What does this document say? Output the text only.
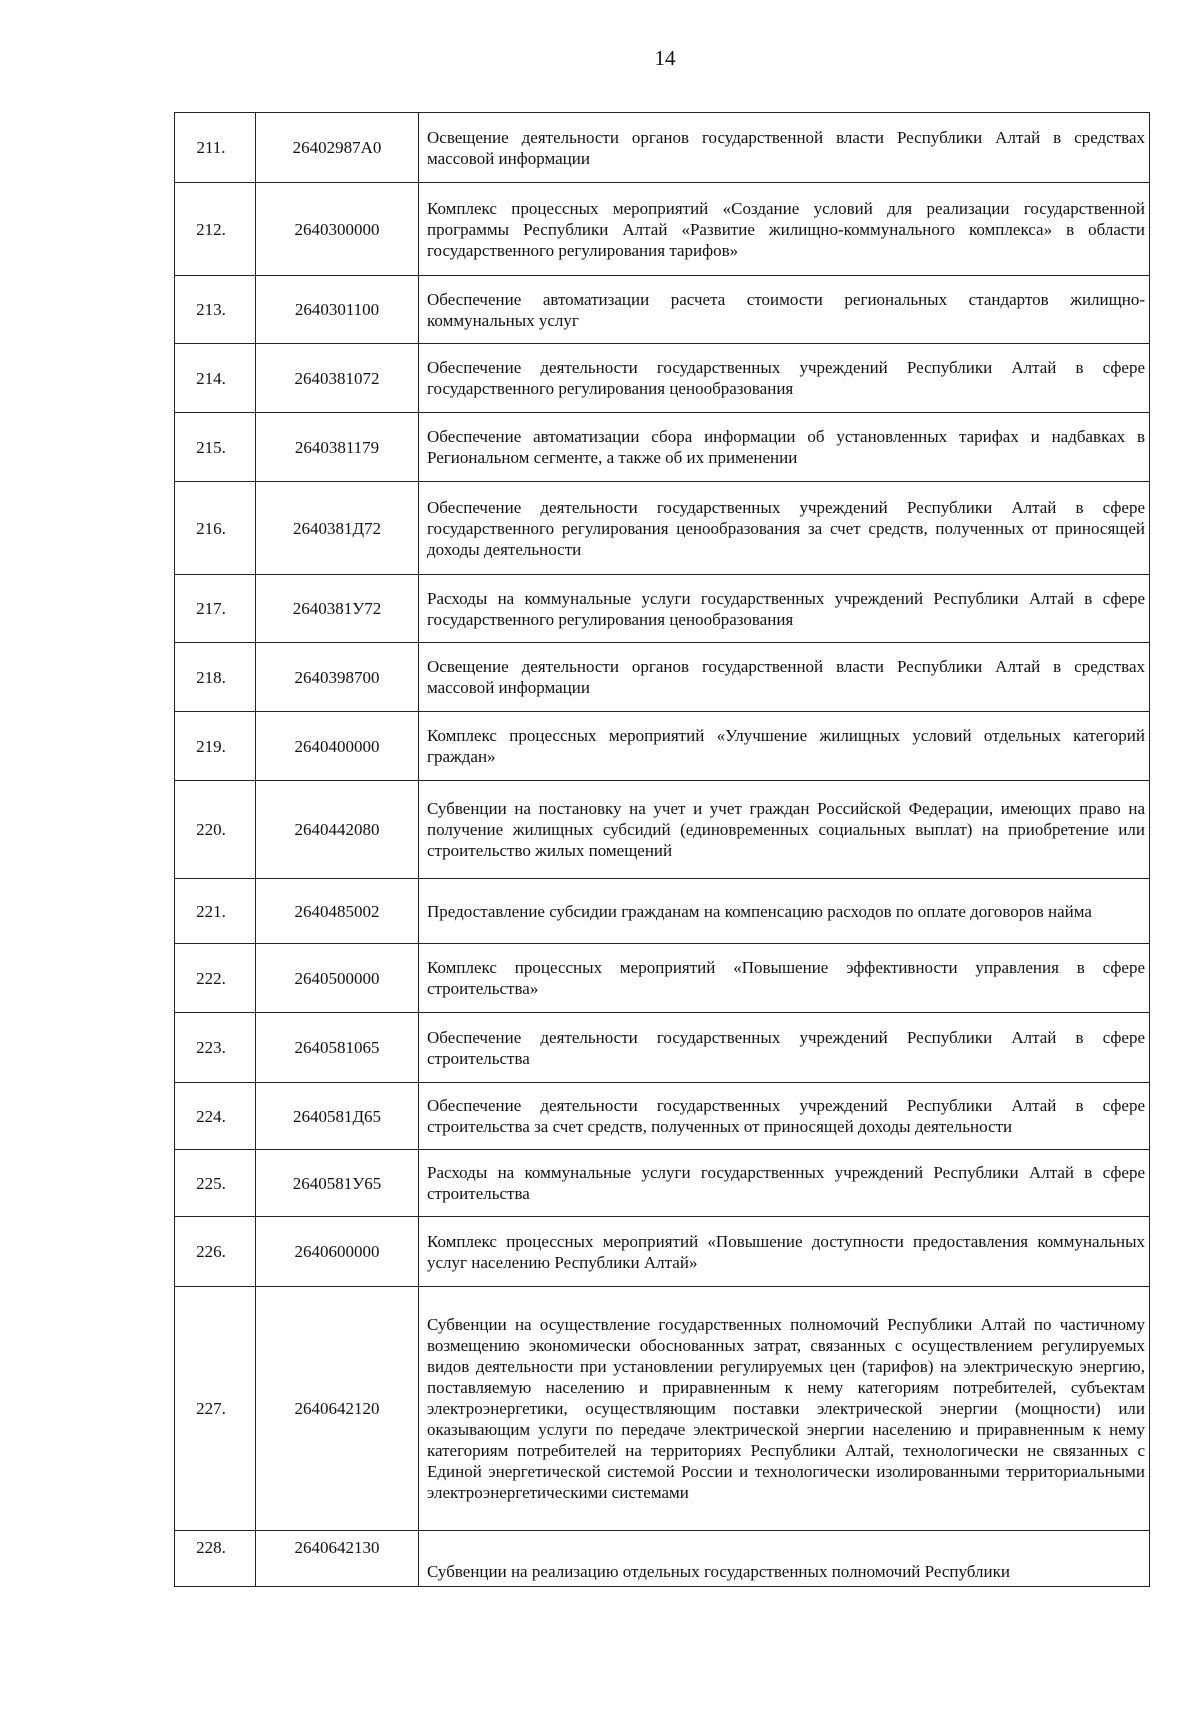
14
211.	26402987А0	Освещение деятельности органов государственной власти Республики Алтай в средствах массовой информации
212.	2640300000	Комплекс процессных мероприятий «Создание условий для реализации государственной программы Республики Алтай «Развитие жилищно-коммунального комплекса» в области государственного регулирования тарифов»
213.	2640301100	Обеспечение автоматизации расчета стоимости региональных стандартов жилищно-коммунальных услуг
214.	2640381072	Обеспечение деятельности государственных учреждений Республики Алтай в сфере государственного регулирования ценообразования
215.	2640381179	Обеспечение автоматизации сбора информации об установленных тарифах и надбавках в Региональном сегменте, а также об их применении
216.	2640381Д72	Обеспечение деятельности государственных учреждений Республики Алтай в сфере государственного регулирования ценообразования за счет средств, полученных от приносящей доходы деятельности
217.	2640381У72	Расходы на коммунальные услуги государственных учреждений Республики Алтай в сфере государственного регулирования ценообразования
218.	2640398700	Освещение деятельности органов государственной власти Республики Алтай в средствах массовой информации
219.	2640400000	Комплекс процессных мероприятий «Улучшение жилищных условий отдельных категорий граждан»
220.	2640442080	Субвенции на постановку на учет и учет граждан Российской Федерации, имеющих право на получение жилищных субсидий (единовременных социальных выплат) на приобретение или строительство жилых помещений
221.	2640485002	Предоставление субсидии гражданам на компенсацию расходов по оплате договоров найма
222.	2640500000	Комплекс процессных мероприятий «Повышение эффективности управления в сфере строительства»
223.	2640581065	Обеспечение деятельности государственных учреждений Республики Алтай в сфере строительства
224.	2640581Д65	Обеспечение деятельности государственных учреждений Республики Алтай в сфере строительства за счет средств, полученных от приносящей доходы деятельности
225.	2640581У65	Расходы на коммунальные услуги государственных учреждений Республики Алтай в сфере строительства
226.	2640600000	Комплекс процессных мероприятий «Повышение доступности предоставления коммунальных услуг населению Республики Алтай»
227.	2640642120	Субвенции на осуществление государственных полномочий Республики Алтай по частичному возмещению экономически обоснованных затрат, связанных с осуществлением регулируемых видов деятельности при установлении регулируемых цен (тарифов) на электрическую энергию, поставляемую населению и приравненным к нему категориям потребителей, субъектам электроэнергетики, осуществляющим поставки электрической энергии (мощности) или оказывающим услуги по передаче электрической энергии населению и приравненным к нему категориям потребителей на территориях Республики Алтай, технологически не связанных с Единой энергетической системой России и технологически изолированными территориальными электроэнергетическими системами
228.	2640642130	Субвенции на реализацию отдельных государственных полномочий Республики
